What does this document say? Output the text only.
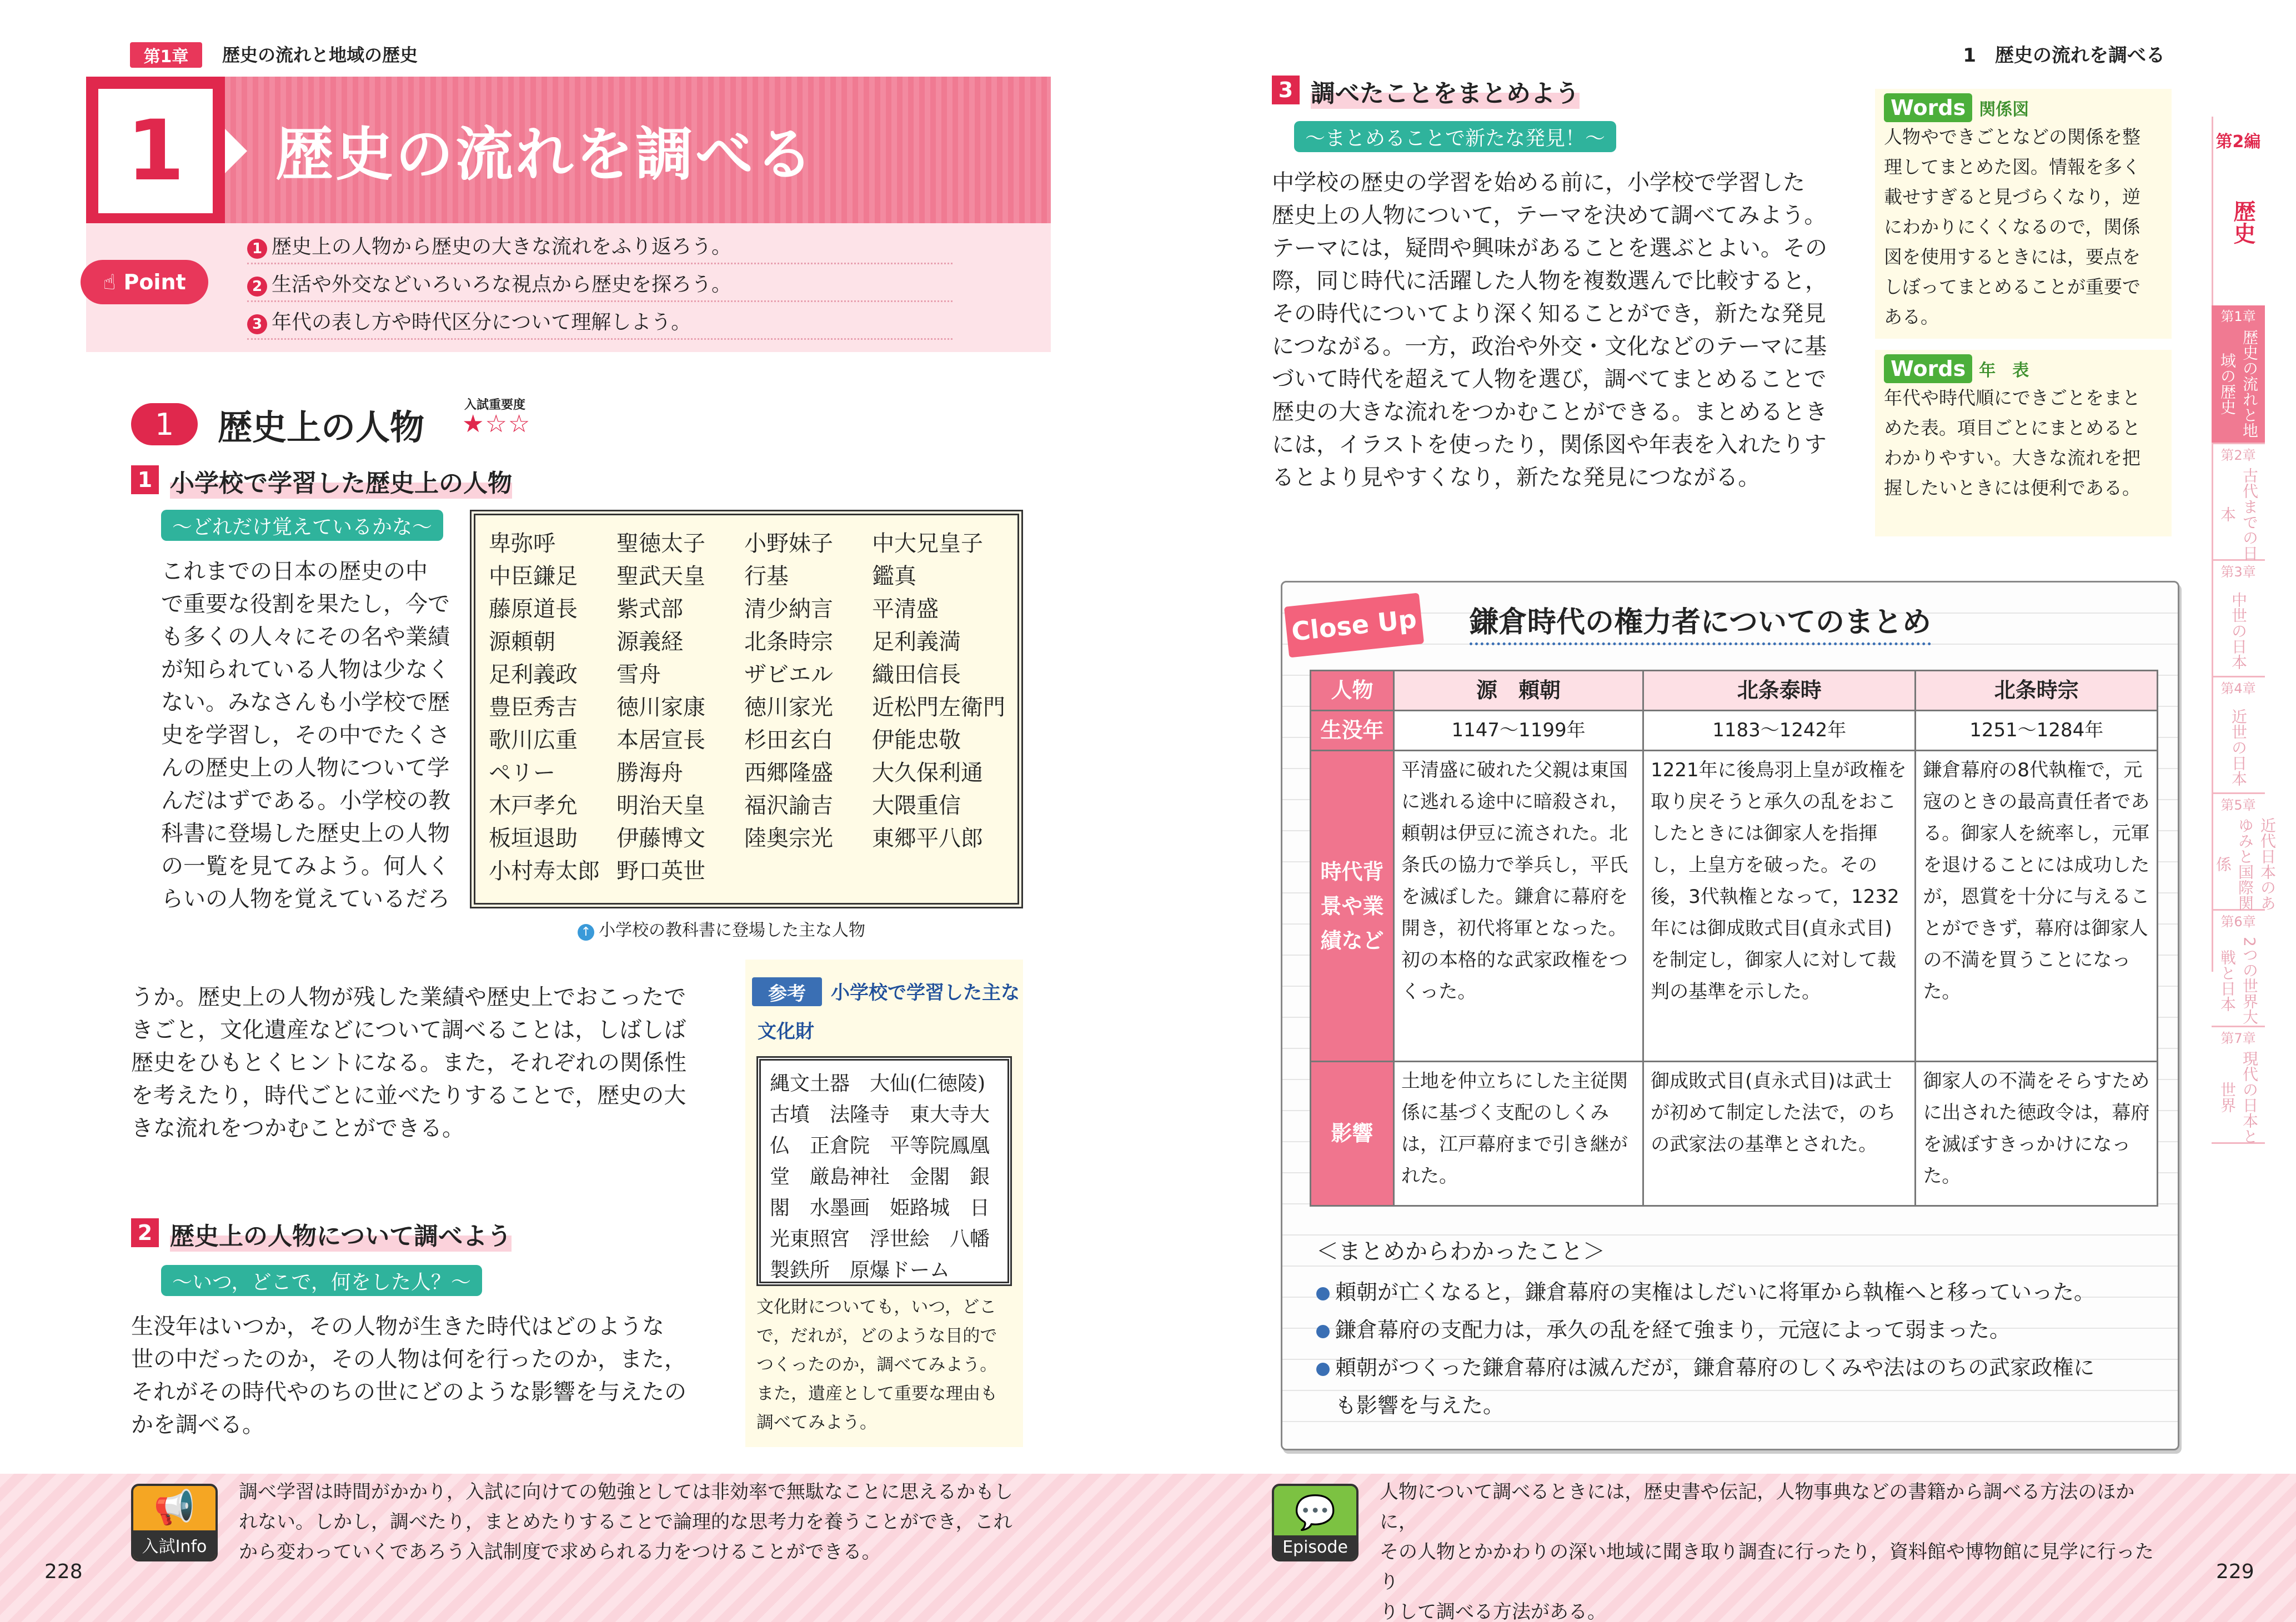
第1章	歴史の流れと地域の歴史	1　歴史の流れを調べる
1	歴史の流れを調べる
☝ Point
1 歴史上の人物から歴史の大きな流れをふり返ろう。
2 生活や外交などいろいろな視点から歴史を探ろう。
3 年代の表し方や時代区分について理解しよう。
1	歴史上の人物
入試重要度
★☆☆
1 小学校で学習した歴史上の人物
～どれだけ覚えているかな～
これまでの日本の歴史の中
で重要な役割を果たし，今で
も多くの人々にその名や業績
が知られている人物は少なく
ない。みなさんも小学校で歴
史を学習し，その中でたくさ
んの歴史上の人物について学
んだはずである。小学校の教
科書に登場した歴史上の人物
の一覧を見てみよう。何人く
らいの人物を覚えているだろ
うか。歴史上の人物が残した業績や歴史上でおこったで
きごと，文化遺産などについて調べることは，しばしば
歴史をひもとくヒントになる。また，それぞれの関係性
を考えたり，時代ごとに並べたりすることで，歴史の大
きな流れをつかむことができる。
卑弥呼	聖徳太子	小野妹子	中大兄皇子
中臣鎌足	聖武天皇	行基	鑑真
藤原道長	紫式部	清少納言	平清盛
源頼朝	源義経	北条時宗	足利義満
足利義政	雪舟	ザビエル	織田信長
豊臣秀吉	徳川家康	徳川家光	近松門左衛門
歌川広重	本居宣長	杉田玄白	伊能忠敬
ペリー	勝海舟	西郷隆盛	大久保利通
木戸孝允	明治天皇	福沢諭吉	大隈重信
板垣退助	伊藤博文	陸奥宗光	東郷平八郎
小村寿太郎 野口英世
↑ 小学校の教科書に登場した主な人物
参考	小学校で学習した主な
文化財
縄文土器　大仙(仁徳陵)
古墳　法隆寺　東大寺大
仏　正倉院　平等院鳳凰
堂　厳島神社　金閣　銀
閣　水墨画　姫路城　日
光東照宮　浮世絵　八幡
製鉄所　原爆ドーム
文化財についても，いつ，どこ
で，だれが，どのような目的で
つくったのか，調べてみよう。
また，遺産として重要な理由も
調べてみよう。
2 歴史上の人物について調べよう
～いつ，どこで，何をした人？～
生没年はいつか，その人物が生きた時代はどのような
世の中だったのか，その人物は何を行ったのか，また，
それがその時代やのちの世にどのような影響を与えたの
かを調べる。
3 調べたことをまとめよう
～まとめることで新たな発見！～
中学校の歴史の学習を始める前に，小学校で学習した
歴史上の人物について，テーマを決めて調べてみよう。
テーマには，疑問や興味があることを選ぶとよい。その
際，同じ時代に活躍した人物を複数選んで比較すると，
その時代についてより深く知ることができ，新たな発見
につながる。一方，政治や外交・文化などのテーマに基
づいて時代を超えて人物を選び，調べてまとめることで
歴史の大きな流れをつかむことができる。まとめるとき
には，イラストを使ったり，関係図や年表を入れたりす
るとより見やすくなり，新たな発見につながる。
Words 関係図
人物やできごとなどの関係を整
理してまとめた図。情報を多く
載せすぎると見づらくなり，逆
にわかりにくくなるので，関係
図を使用するときには，要点を
しぼってまとめることが重要で
ある。
Words 年　表
年代や時代順にできごとをまと
めた表。項目ごとにまとめると
わかりやすい。大きな流れを把
握したいときには便利である。
Close Up 鎌倉時代の権力者についてのまとめ
人物	源　頼朝	北条泰時	北条時宗
生没年	1147～1199年	1183～1242年	1251～1284年
時代背景や業績など	平清盛に破れた父親は東国に逃れる途中に暗殺され，頼朝は伊豆に流された。北条氏の協力で挙兵し，平氏を滅ぼした。鎌倉に幕府を開き，初代将軍となった。初の本格的な武家政権をつくった。	1221年に後鳥羽上皇が政権を取り戻そうと承久の乱をおこしたときには御家人を指揮し，上皇方を破った。その後，3代執権となって，1232年には御成敗式目(貞永式目)を制定し，御家人に対して裁判の基準を示した。	鎌倉幕府の8代執権で，元寇のときの最高責任者である。御家人を統率し，元軍を退けることには成功したが，恩賞を十分に与えることができず，幕府は御家人の不満を買うことになった。
影響	土地を仲立ちにした主従関係に基づく支配のしくみは，江戸幕府まで引き継がれた。	御成敗式目(貞永式目)は武士が初めて制定した法で，のちの武家法の基準とされた。	御家人の不満をそらすために出された徳政令は，幕府を滅ぼすきっかけになった。
＜まとめからわかったこと＞
頼朝が亡くなると，鎌倉幕府の実権はしだいに将軍から執権へと移っていった。
鎌倉幕府の支配力は，承久の乱を経て強まり，元寇によって弱まった。
頼朝がつくった鎌倉幕府は滅んだが，鎌倉幕府のしくみや法はのちの武家政権に
も影響を与えた。
第2編
歴史
第1章
歴史の流れと地域の歴史
第2章
古代までの日本
第3章
中世の日本
第4章
近世の日本
第5章
近代日本のあゆみと国際関係
第6章
2つの世界大戦と日本
第7章
現代の日本と世界
📢
入試Info
調べ学習は時間がかかり，入試に向けての勉強としては非効率で無駄なことに思えるかもし
れない。しかし，調べたり，まとめたりすることで論理的な思考力を養うことができ，これ
から変わっていくであろう入試制度で求められる力をつけることができる。
💬
Episode
人物について調べるときには，歴史書や伝記，人物事典などの書籍から調べる方法のほかに，
その人物とかかわりの深い地域に聞き取り調査に行ったり，資料館や博物館に見学に行ったり
りして調べる方法がある。
228	229
